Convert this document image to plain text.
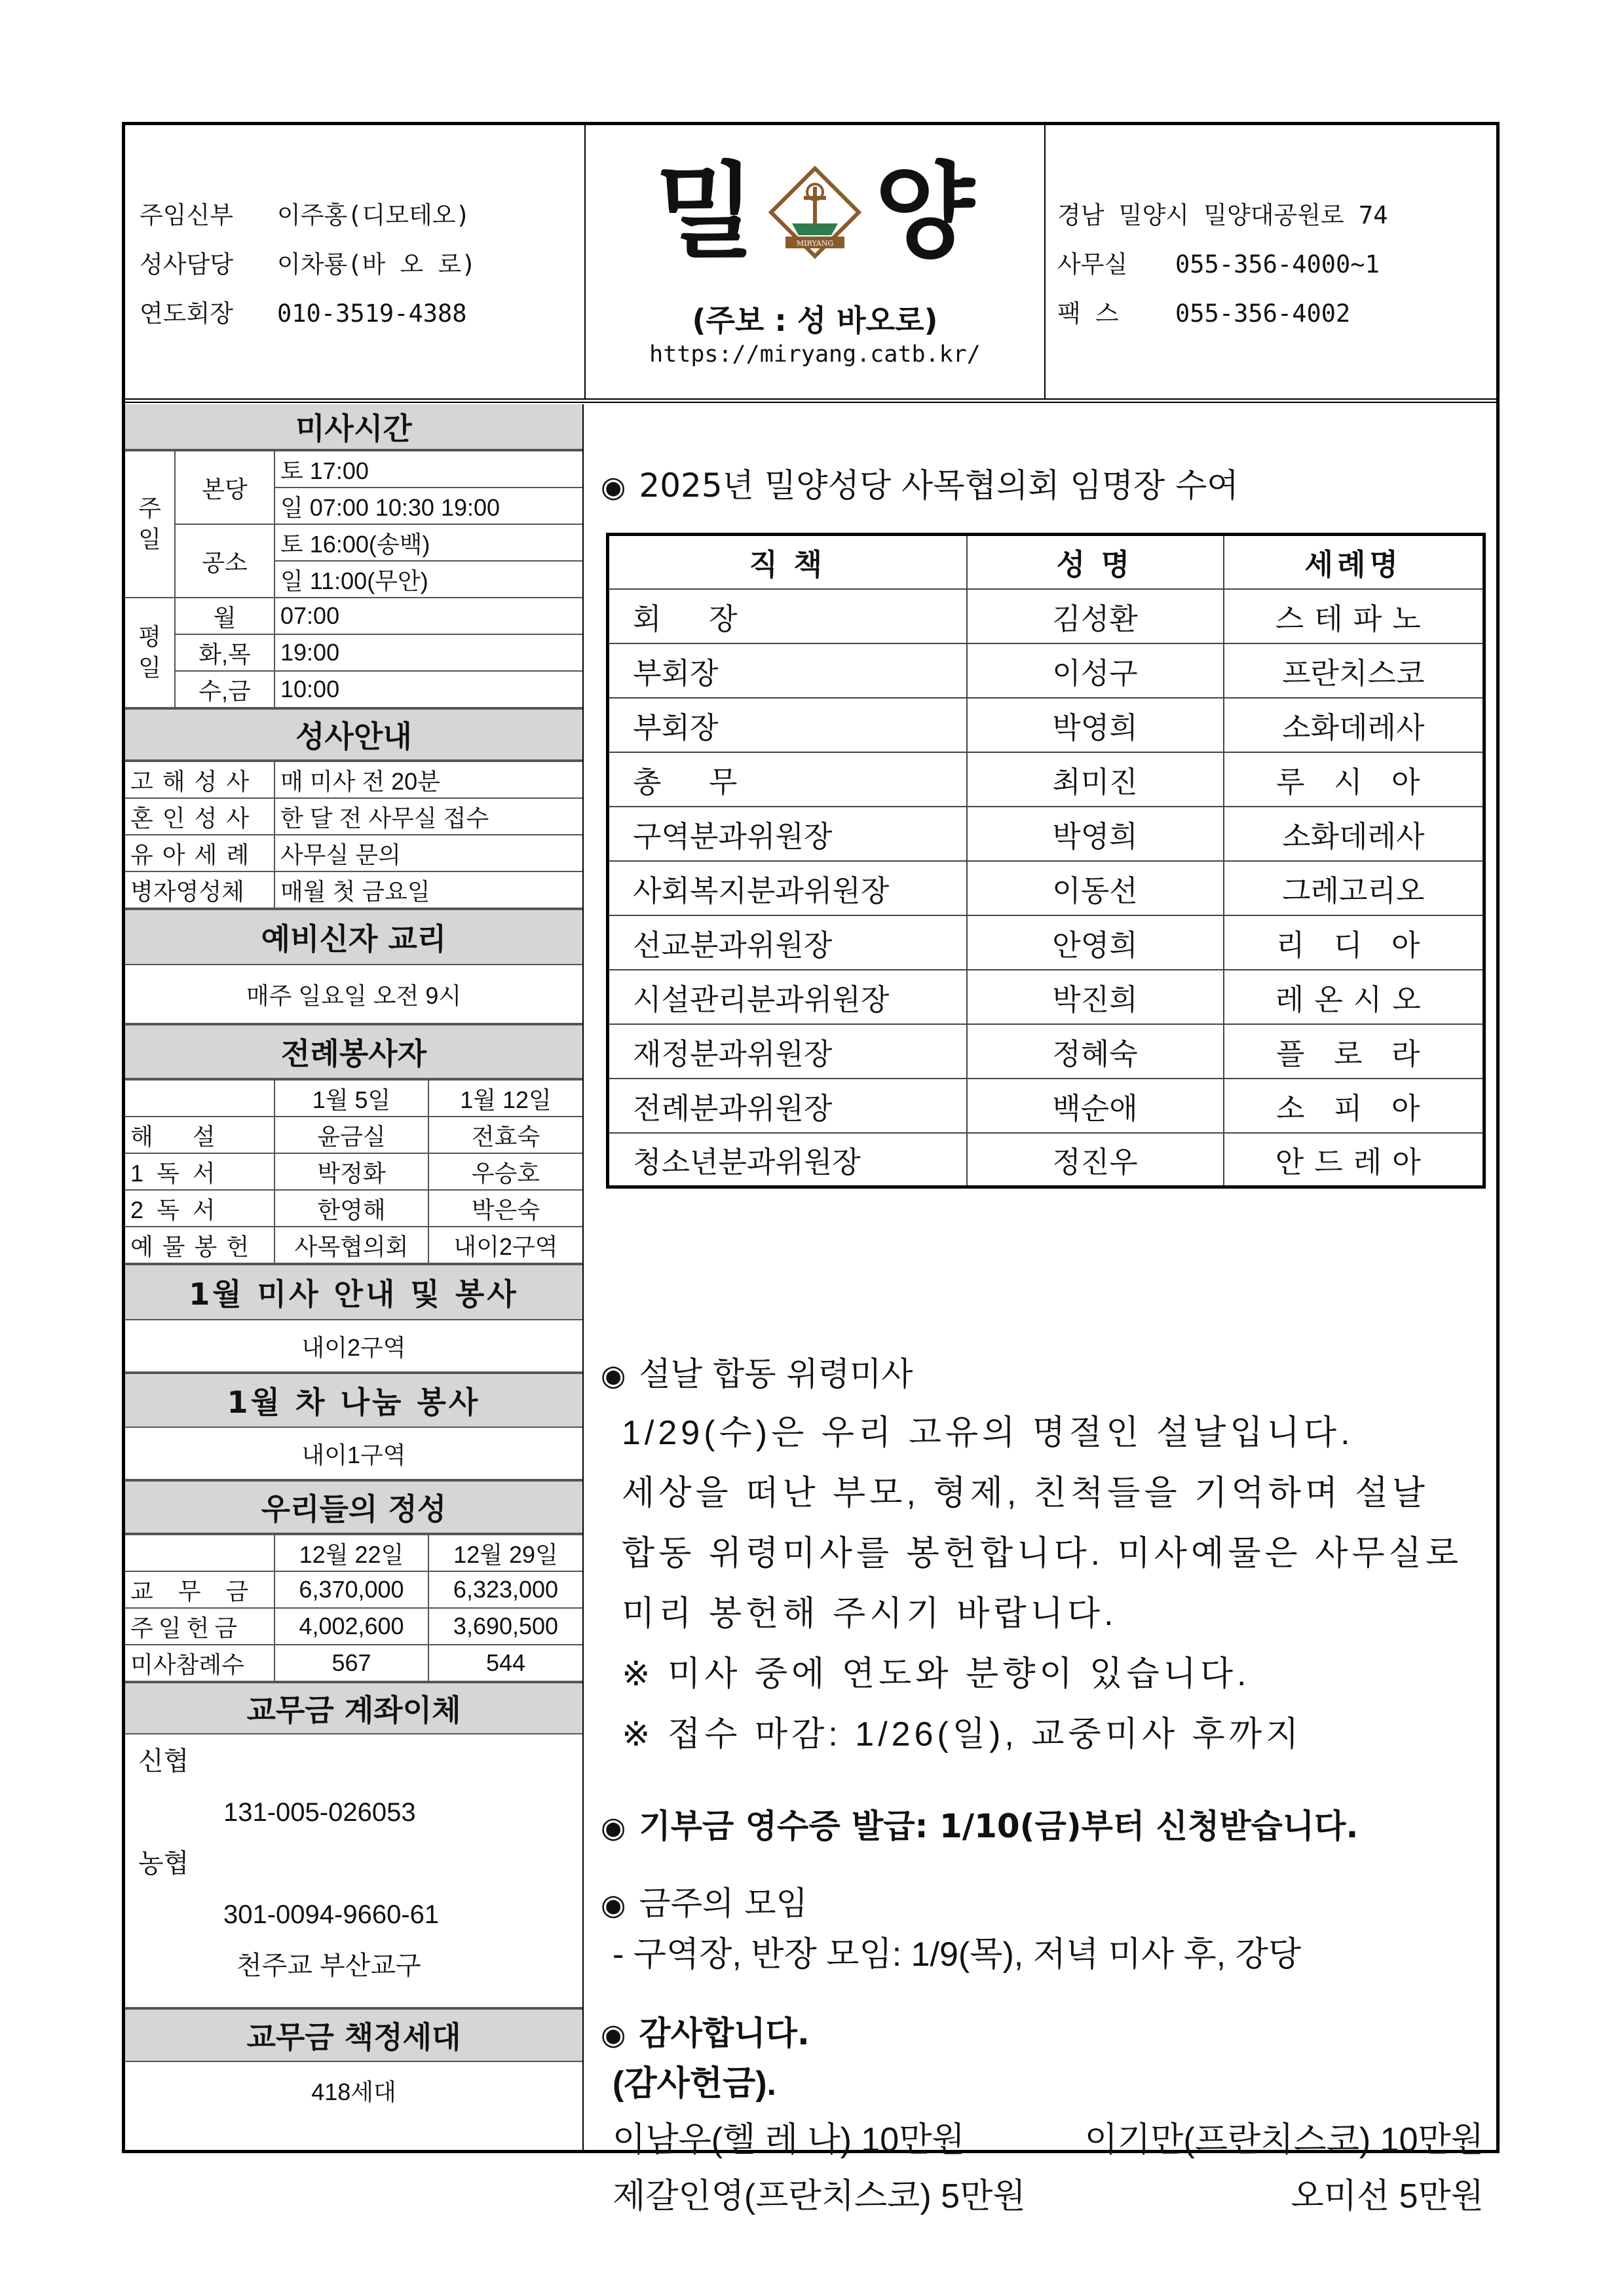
주임신부 이주홍(디모테오)
성사담당 이차룡(바 오 로)
연도회장 010-3519-4388
밀	MIRYANG 양
(주보 : 성 바오로)
https://miryang.catb.kr/
경남 밀양시 밀양대공원로 74
사무실 055-356-4000~1
팩 스 055-356-4002
미사시간
주
일	본당	토 17:00
		일 07:00 10:30 19:00
	공소	토 16:00(송백)
		일 11:00(무안)
평
일	월	07:00
	화,목	19:00
	수,금	10:00
성사안내
고해성사	매 미사 전 20분
혼인성사	한 달 전 사무실 접수
유아세례	사무실 문의
병자영성체	매월 첫 금요일
예비신자 교리
매주 일요일 오전 9시
전례봉사자
	1월 5일	1월 12일
해      설	윤금실	전효숙
1  독  서	박정화	우승호
2  독  서	한영해	박은숙
예물봉헌	사목협의회	내이2구역
1월 미사 안내 및 봉사
내이2구역
1월 차 나눔 봉사
내이1구역
우리들의 정성
	12월 22일	12월 29일
교 무 금	6,370,000	6,323,000
주일헌금	4,002,600	3,690,500
미사참례수	567	544
교무금 계좌이체
신협
131-005-026053
농협
301-0094-9660-61
천주교 부산교구
교무금 책정세대
418세대
◉ 2025년 밀양성당 사목협의회 임명장 수여
직 책	성 명	세례명
회 장	김성환	스테파노
부회장	이성구	프란치스코
부회장	박영희	소화데레사
총 무	최미진	루 시 아
구역분과위원장	박영희	소화데레사
사회복지분과위원장	이동선	그레고리오
선교분과위원장	안영희	리 디 아
시설관리분과위원장	박진희	레온시오
재정분과위원장	정혜숙	플 로 라
전례분과위원장	백순애	소 피 아
청소년분과위원장	정진우	안드레아
◉ 설날 합동 위령미사

1/29(수)은 우리 고유의 명절인 설날입니다.

세상을 떠난 부모, 형제, 친척들을 기억하며 설날

합동 위령미사를 봉헌합니다. 미사예물은 사무실로

미리 봉헌해 주시기 바랍니다.

※ 미사 중에 연도와 분향이 있습니다.

※ 접수 마감: 1/26(일), 교중미사 후까지

◉ 기부금 영수증 발급: 1/10(금)부터 신청받습니다.
◉ 금주의 모임

- 구역장, 반장 모임: 1/9(목), 저녁 미사 후, 강당

◉ 감사합니다.
(감사헌금).
이남우(헬 레 나) 10만원	이기만(프란치스코) 10만원
제갈인영(프란치스코) 5만원	오미선 5만원
